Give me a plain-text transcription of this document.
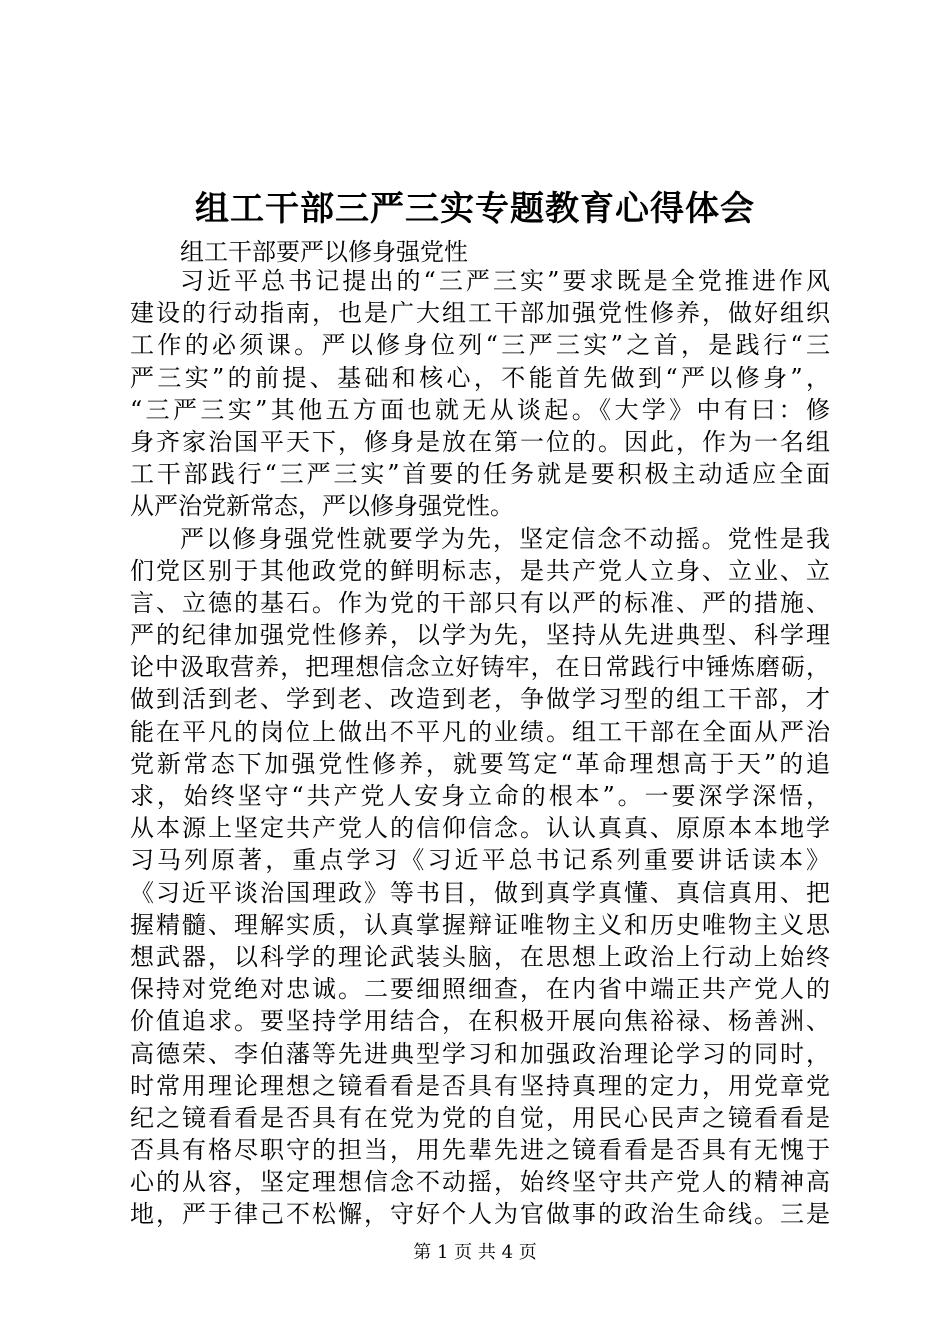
组工干部三严三实专题教育心得体会
组工干部要严以修身强党性
习近平总书记提出的“三严三实”要求既是全党推进作风
建设的行动指南，也是广大组工干部加强党性修养，做好组织
工作的必须课。严以修身位列“三严三实”之首，是践行“三
严三实”的前提、基础和核心，不能首先做到“严以修身”，
“三严三实”其他五方面也就无从谈起。《大学》中有曰：修
身齐家治国平天下，修身是放在第一位的。因此，作为一名组
工干部践行“三严三实”首要的任务就是要积极主动适应全面
从严治党新常态，严以修身强党性。
严以修身强党性就要学为先，坚定信念不动摇。党性是我
们党区别于其他政党的鲜明标志，是共产党人立身、立业、立
言、立德的基石。作为党的干部只有以严的标准、严的措施、
严的纪律加强党性修养，以学为先，坚持从先进典型、科学理
论中汲取营养，把理想信念立好铸牢，在日常践行中锤炼磨砺，
做到活到老、学到老、改造到老，争做学习型的组工干部，才
能在平凡的岗位上做出不平凡的业绩。组工干部在全面从严治
党新常态下加强党性修养，就要笃定“革命理想高于天”的追
求，始终坚守“共产党人安身立命的根本”。一要深学深悟，
从本源上坚定共产党人的信仰信念。认认真真、原原本本地学
习马列原著，重点学习《习近平总书记系列重要讲话读本》
《习近平谈治国理政》等书目，做到真学真懂、真信真用、把
握精髓、理解实质，认真掌握辩证唯物主义和历史唯物主义思
想武器，以科学的理论武装头脑，在思想上政治上行动上始终
保持对党绝对忠诚。二要细照细查，在内省中端正共产党人的
价值追求。要坚持学用结合，在积极开展向焦裕禄、杨善洲、
高德荣、李伯藩等先进典型学习和加强政治理论学习的同时，
时常用理论理想之镜看看是否具有坚持真理的定力，用党章党
纪之镜看看是否具有在党为党的自觉，用民心民声之镜看看是
否具有格尽职守的担当，用先辈先进之镜看看是否具有无愧于
心的从容，坚定理想信念不动摇，始终坚守共产党人的精神高
地，严于律己不松懈，守好个人为官做事的政治生命线。三是
第 1 页 共 4 页
